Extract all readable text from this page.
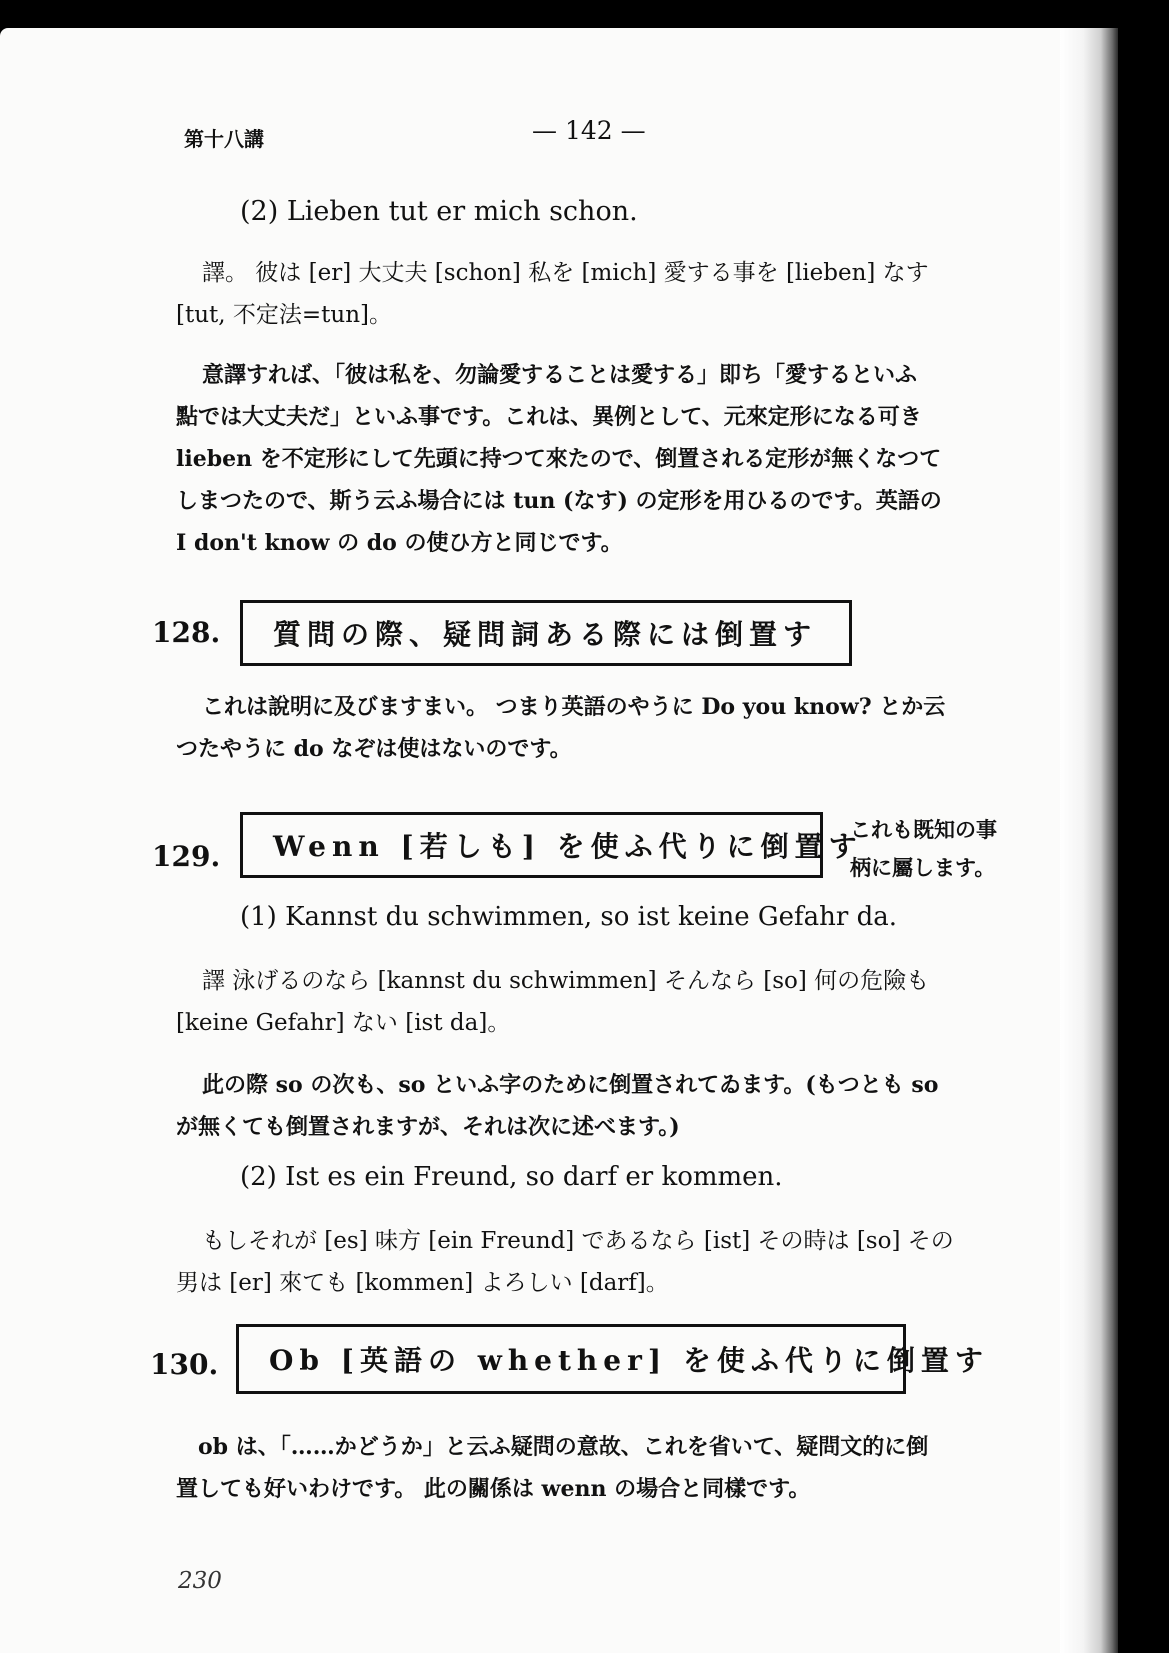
第十八講	— 142 —
(2) Lieben tut er mich schon.
譯。 彼は [er] 大丈夫 [schon] 私を [mich] 愛する事を [lieben] なす
[tut, 不定法=tun]。
意譯すれば、「彼は私を、勿論愛することは愛する」即ち「愛するといふ
點では大丈夫だ」といふ事です。これは、異例として、元來定形になる可き
lieben を不定形にして先頭に持つて來たので、倒置される定形が無くなつて
しまつたので、斯う云ふ場合には tun (なす) の定形を用ひるのです。英語の
I don't know の do の使ひ方と同じです。
128. 質問の際、疑問詞ある際には倒置す
これは說明に及びますまい。 つまり英語のやうに Do you know? とか云
つたやうに do なぞは使はないのです。
129. Wenn [若しも] を使ふ代りに倒置す
これも既知の事
柄に屬します。
(1) Kannst du schwimmen, so ist keine Gefahr da.
譯 泳げるのなら [kannst du schwimmen] そんなら [so] 何の危險も
[keine Gefahr] ない [ist da]。
此の際 so の次も、so といふ字のために倒置されてゐます。(もつとも so
が無くても倒置されますが、それは次に述べます。)
(2) Ist es ein Freund, so darf er kommen.
もしそれが [es] 味方 [ein Freund] であるなら [ist] その時は [so] その
男は [er] 來ても [kommen] よろしい [darf]。
130. Ob [英語の whether] を使ふ代りに倒置す
ob は、「……かどうか」と云ふ疑問の意故、これを省いて、疑問文的に倒
置しても好いわけです。 此の關係は wenn の場合と同樣です。
230
